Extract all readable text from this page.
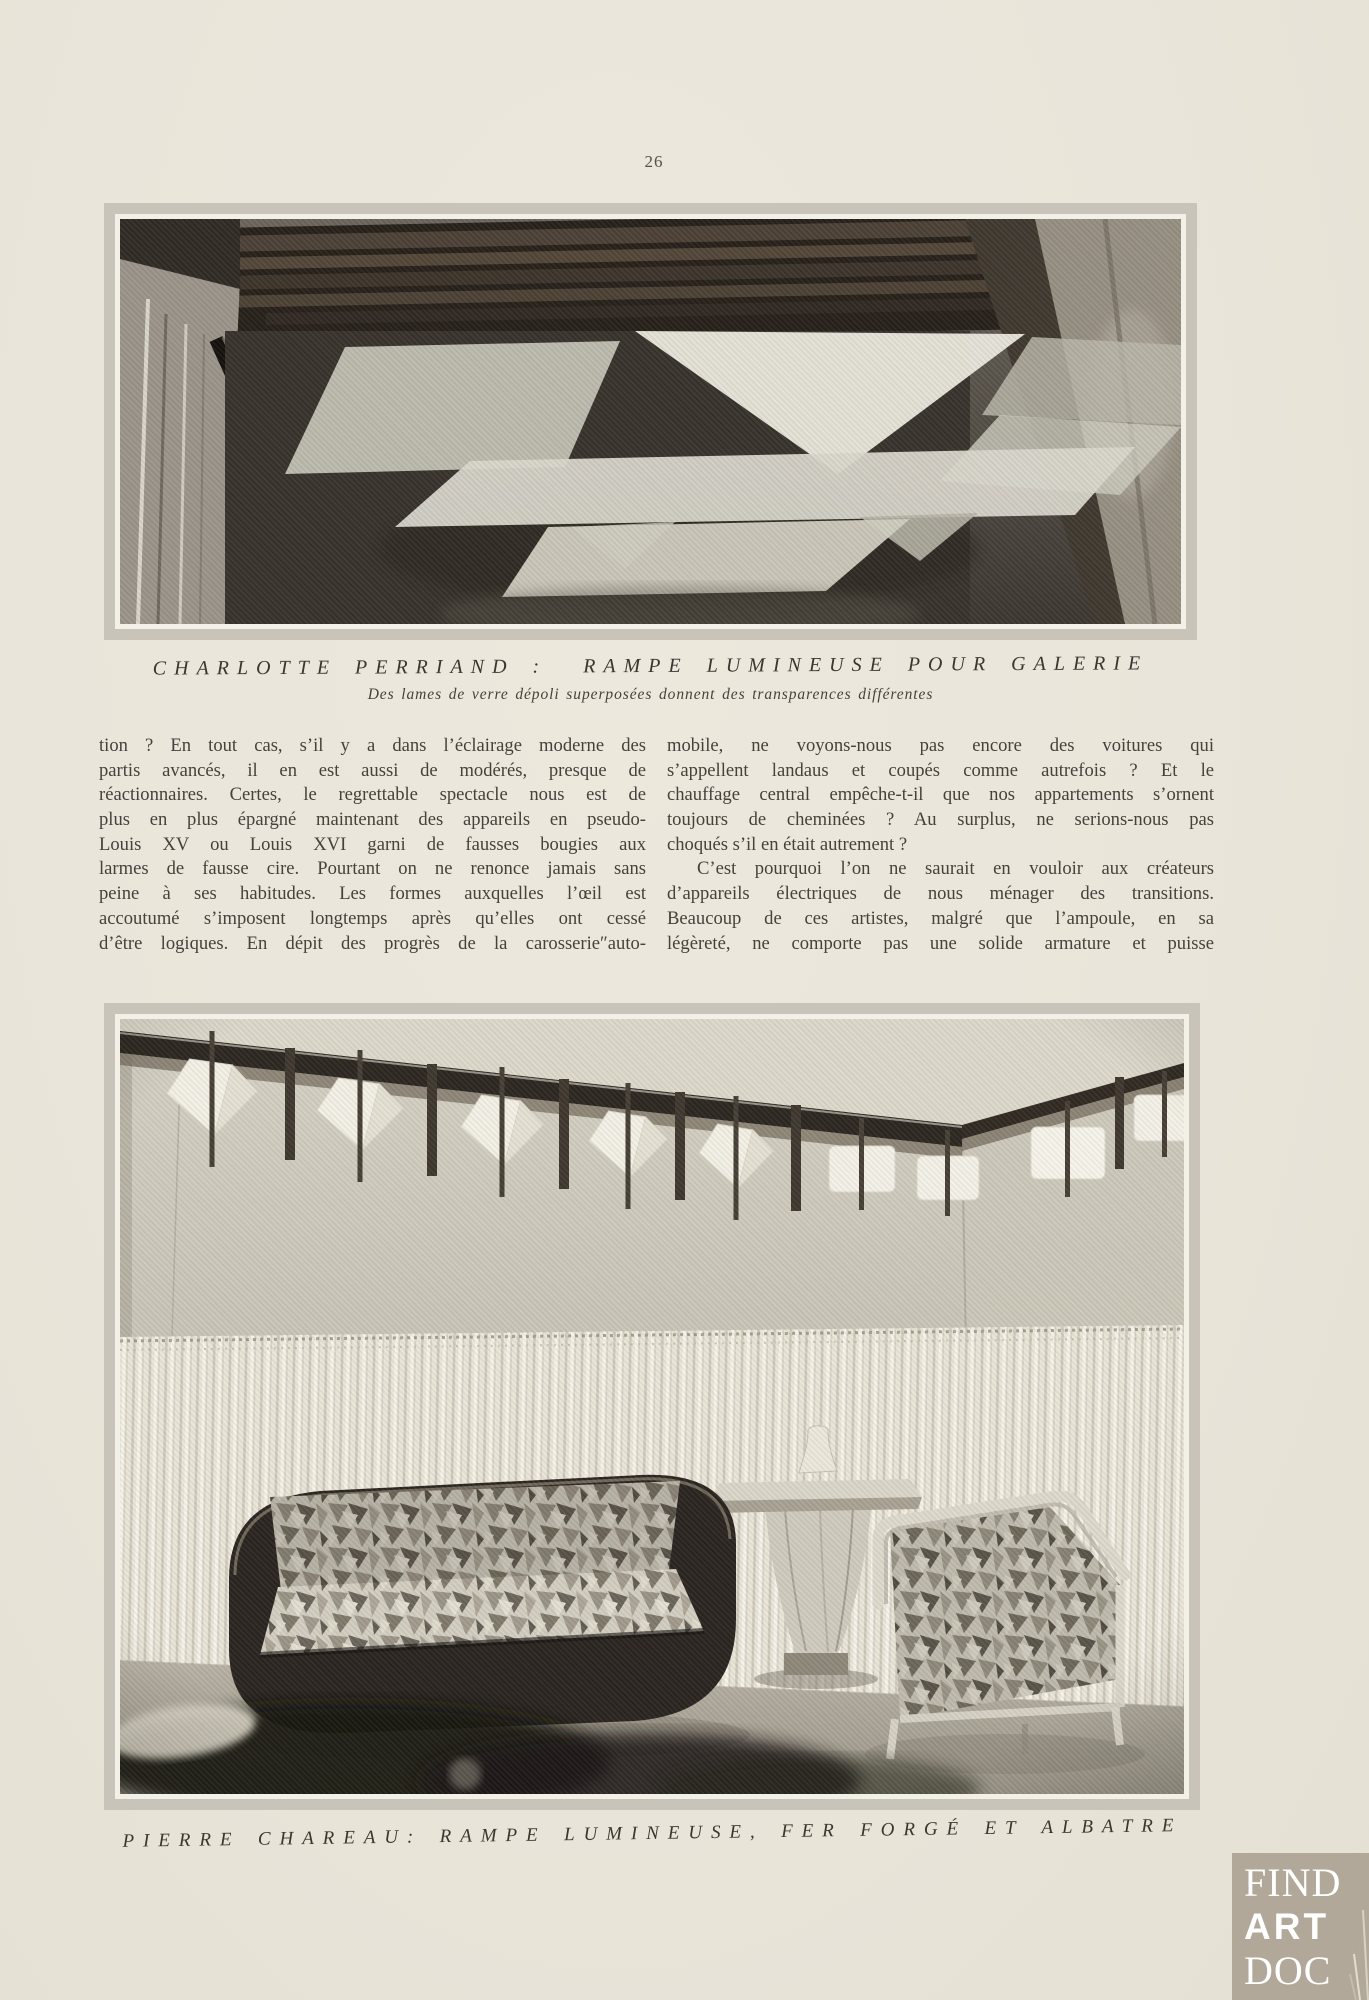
26
CHARLOTTE PERRIAND :  RAMPE LUMINEUSE POUR GALERIE
Des lames de verre dépoli superposées donnent des transparences différentes
tion ? En tout cas, s’il y a dans l’éclairage moderne des
partis avancés, il en est aussi de modérés, presque de
réactionnaires. Certes, le regrettable spectacle nous est de
plus en plus épargné maintenant des appareils en pseudo-
Louis XV ou Louis XVI garni de fausses bougies aux
larmes de fausse cire. Pourtant on ne renonce jamais sans
peine à ses habitudes. Les formes auxquelles l’œil est
accoutumé s’imposent longtemps après qu’elles ont cessé
d’être logiques. En dépit des progrès de la carosserie″auto-
mobile, ne voyons-nous pas encore des voitures qui
s’appellent landaus et coupés comme autrefois ? Et le
chauffage central empêche-t-il que nos appartements s’ornent
toujours de cheminées ? Au surplus, ne serions-nous pas
choqués s’il en était autrement ?
C’est pourquoi l’on ne saurait en vouloir aux créateurs
d’appareils électriques de nous ménager des transitions.
Beaucoup de ces artistes, malgré que l’ampoule, en sa
légèreté, ne comporte pas une solide armature et puisse
PIERRE CHAREAU: RAMPE LUMINEUSE, FER FORGÉ ET ALBATRE
FIND
ART
DOC
